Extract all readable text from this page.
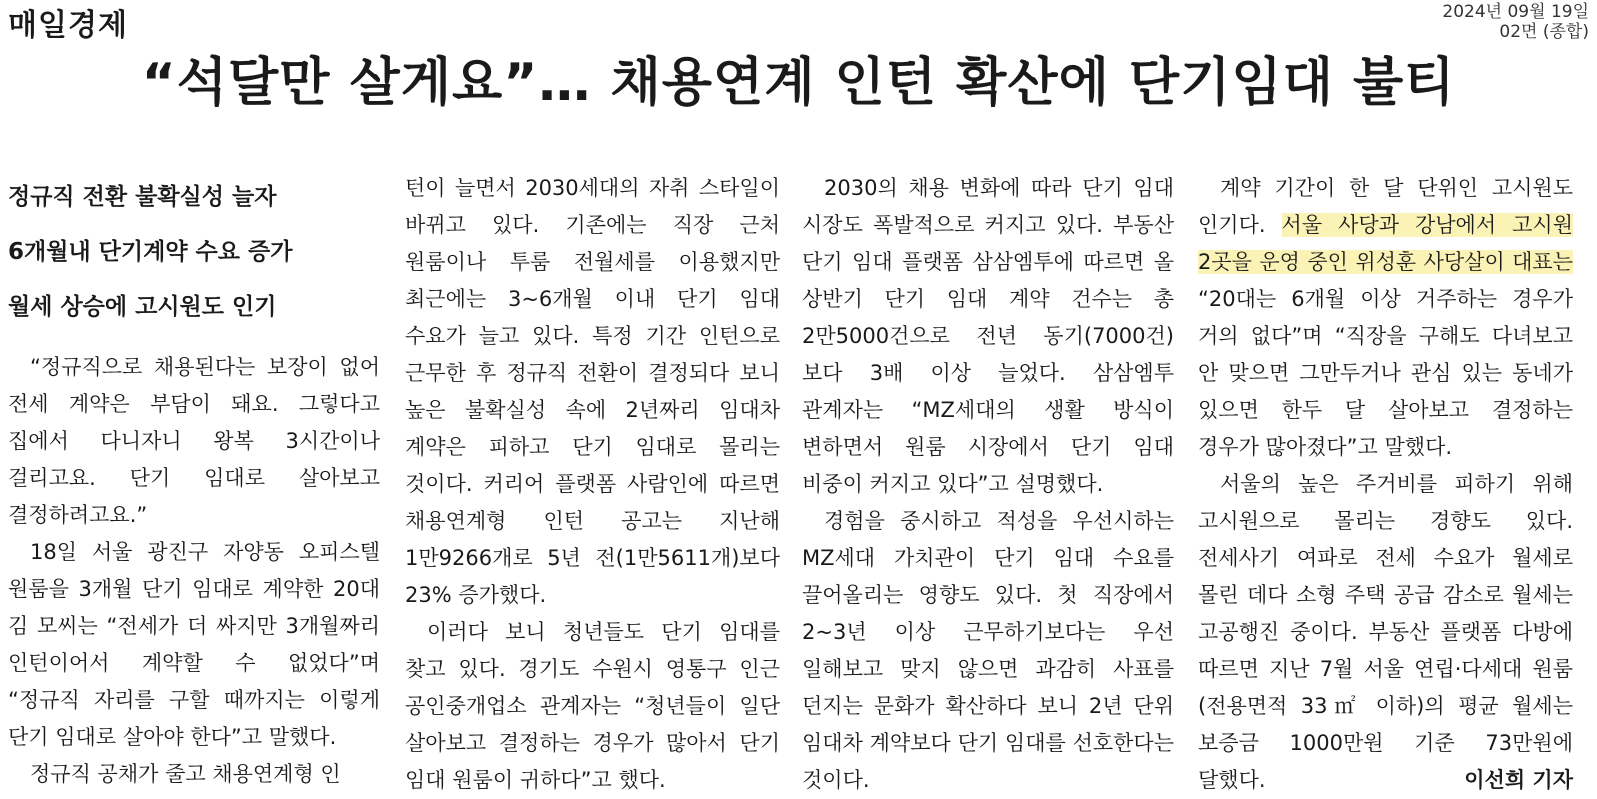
매일경제	2024년 09월 19일
02면 (종합)
“석달만 살게요”… 채용연계 인턴 확산에 단기임대 불티
정규직 전환 불확실성 늘자
6개월내 단기계약 수요 증가
월세 상승에 고시원도 인기

“정규직으로 채용된다는 보장이 없어 전세 계약은 부담이 돼요. 그렇다고 집에서 다니자니 왕복 3시간이나 걸리고요. 단기 임대로 살아보고 결정하려고요.”

18일 서울 광진구 자양동 오피스텔 원룸을 3개월 단기 임대로 계약한 20대 김 모씨는 “전세가 더 싸지만 3개월짜리 인턴이어서 계약할 수 없었다”며 “정규직 자리를 구할 때까지는 이렇게 단기 임대로 살아야 한다”고 말했다.

정규직 공채가 줄고 채용연계형 인

턴이 늘면서 2030세대의 자취 스타일이 바뀌고 있다. 기존에는 직장 근처 원룸이나 투룸 전월세를 이용했지만 최근에는 3~6개월 이내 단기 임대 수요가 늘고 있다. 특정 기간 인턴으로 근무한 후 정규직 전환이 결정되다 보니 높은 불확실성 속에 2년짜리 임대차 계약은 피하고 단기 임대로 몰리는 것이다. 커리어 플랫폼 사람인에 따르면 채용연계형 인턴 공고는 지난해 1만9266개로 5년 전(1만5611개)보다 23% 증가했다.

이러다 보니 청년들도 단기 임대를 찾고 있다. 경기도 수원시 영통구 인근 공인중개업소 관계자는 “청년들이 일단 살아보고 결정하는 경우가 많아서 단기 임대 원룸이 귀하다”고 했다.

2030의 채용 변화에 따라 단기 임대 시장도 폭발적으로 커지고 있다. 부동산 단기 임대 플랫폼 삼삼엠투에 따르면 올 상반기 단기 임대 계약 건수는 총 2만5000건으로 전년 동기(7000건)보다 3배 이상 늘었다. 삼삼엠투 관계자는 “MZ세대의 생활 방식이 변하면서 원룸 시장에서 단기 임대 비중이 커지고 있다”고 설명했다.

경험을 중시하고 적성을 우선시하는 MZ세대 가치관이 단기 임대 수요를 끌어올리는 영향도 있다. 첫 직장에서 2~3년 이상 근무하기보다는 우선 일해보고 맞지 않으면 과감히 사표를 던지는 문화가 확산하다 보니 2년 단위 임대차 계약보다 단기 임대를 선호한다는 것이다.

계약 기간이 한 달 단위인 고시원도 인기다. 서울 사당과 강남에서 고시원 2곳을 운영 중인 위성훈 사당살이 대표는 “20대는 6개월 이상 거주하는 경우가 거의 없다”며 “직장을 구해도 다녀보고 안 맞으면 그만두거나 관심 있는 동네가 있으면 한두 달 살아보고 결정하는 경우가 많아졌다”고 말했다.

서울의 높은 주거비를 피하기 위해 고시원으로 몰리는 경향도 있다. 전세사기 여파로 전세 수요가 월세로 몰린 데다 소형 주택 공급 감소로 월세는 고공행진 중이다. 부동산 플랫폼 다방에 따르면 지난 7월 서울 연립·다세대 원룸(전용면적 33㎡ 이하)의 평균 월세는 보증금 1000만원 기준 73만원에 달했다.	이선희 기자
